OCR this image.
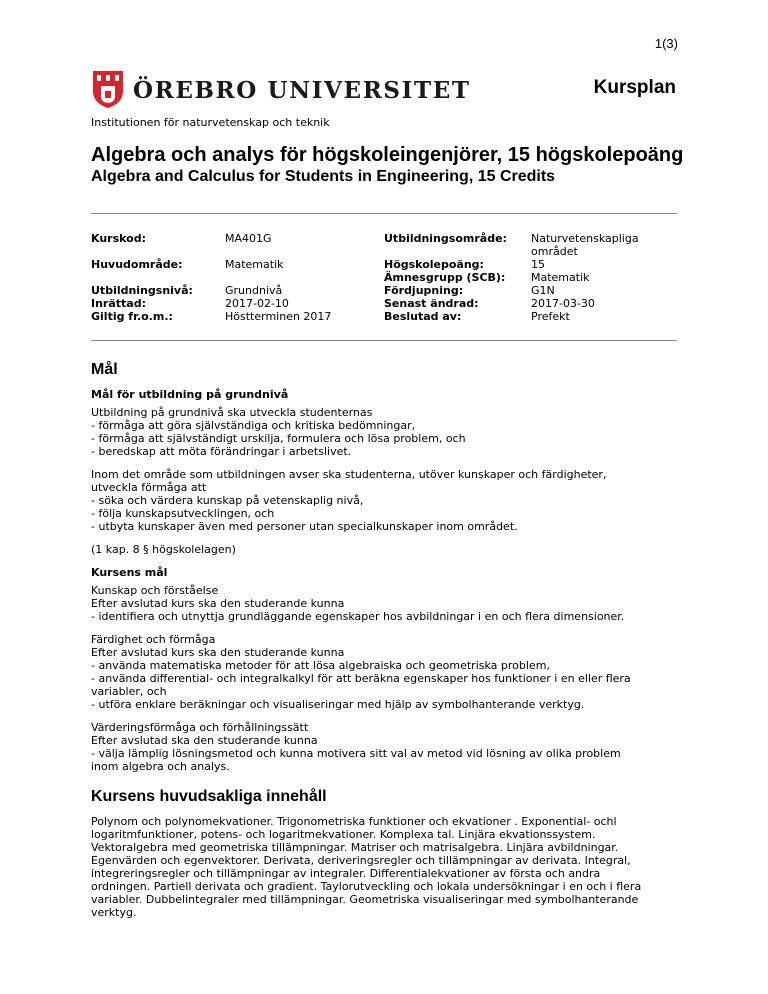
1(3)
ÖREBRO UNIVERSITET	Kursplan
Institutionen för naturvetenskap och teknik
Algebra och analys för högskoleingenjörer, 15 högskolepoäng
Algebra and Calculus for Students in Engineering, 15 Credits
Kurskod:
Huvudområde:
Utbildningsnivå:
Inrättad:
Giltig fr.o.m.:
MA401G
Matematik
Grundnivå
2017-02-10
Höstterminen 2017
Utbildningsområde:
Högskolepoäng:
Ämnesgrupp (SCB):
Fördjupning:
Senast ändrad:
Beslutad av:
Naturvetenskapliga
området
15
Matematik
G1N
2017-03-30
Prefekt
Mål
Mål för utbildning på grundnivå

Utbildning på grundnivå ska utveckla studenternas
- förmåga att göra självständiga och kritiska bedömningar,
- förmåga att självständigt urskilja, formulera och lösa problem, och
- beredskap att möta förändringar i arbetslivet.

Inom det område som utbildningen avser ska studenterna, utöver kunskaper och färdigheter,
utveckla förmåga att
- söka och värdera kunskap på vetenskaplig nivå,
- följa kunskapsutvecklingen, och
- utbyta kunskaper även med personer utan specialkunskaper inom området.

(1 kap. 8 § högskolelagen)

Kursens mål

Kunskap och förståelse
Efter avslutad kurs ska den studerande kunna
- identifiera och utnyttja grundläggande egenskaper hos avbildningar i en och flera dimensioner.

Färdighet och förmåga
Efter avslutad kurs ska den studerande kunna
- använda matematiska metoder för att lösa algebraiska och geometriska problem,
- använda differential- och integralkalkyl för att beräkna egenskaper hos funktioner i en eller flera
variabler, och
- utföra enklare beräkningar och visualiseringar med hjälp av symbolhanterande verktyg.

Värderingsförmåga och förhållningssätt
Efter avslutad ska den studerande kunna
- välja lämplig lösningsmetod och kunna motivera sitt val av metod vid lösning av olika problem
inom algebra och analys.

Kursens huvudsakliga innehåll

Polynom och polynomekvationer. Trigonometriska funktioner och ekvationer . Exponential- ochl
logaritmfunktioner, potens- och logaritmekvationer. Komplexa tal. Linjära ekvationssystem.
Vektoralgebra med geometriska tillämpningar. Matriser och matrisalgebra. Linjära avbildningar.
Egenvärden och egenvektorer. Derivata, deriveringsregler och tillämpningar av derivata. Integral,
integreringsregler och tillämpningar av integraler. Differentialekvationer av första och andra
ordningen. Partiell derivata och gradient. Taylorutveckling och lokala undersökningar i en och i flera
variabler. Dubbelintegraler med tillämpningar. Geometriska visualiseringar med symbolhanterande
verktyg.
